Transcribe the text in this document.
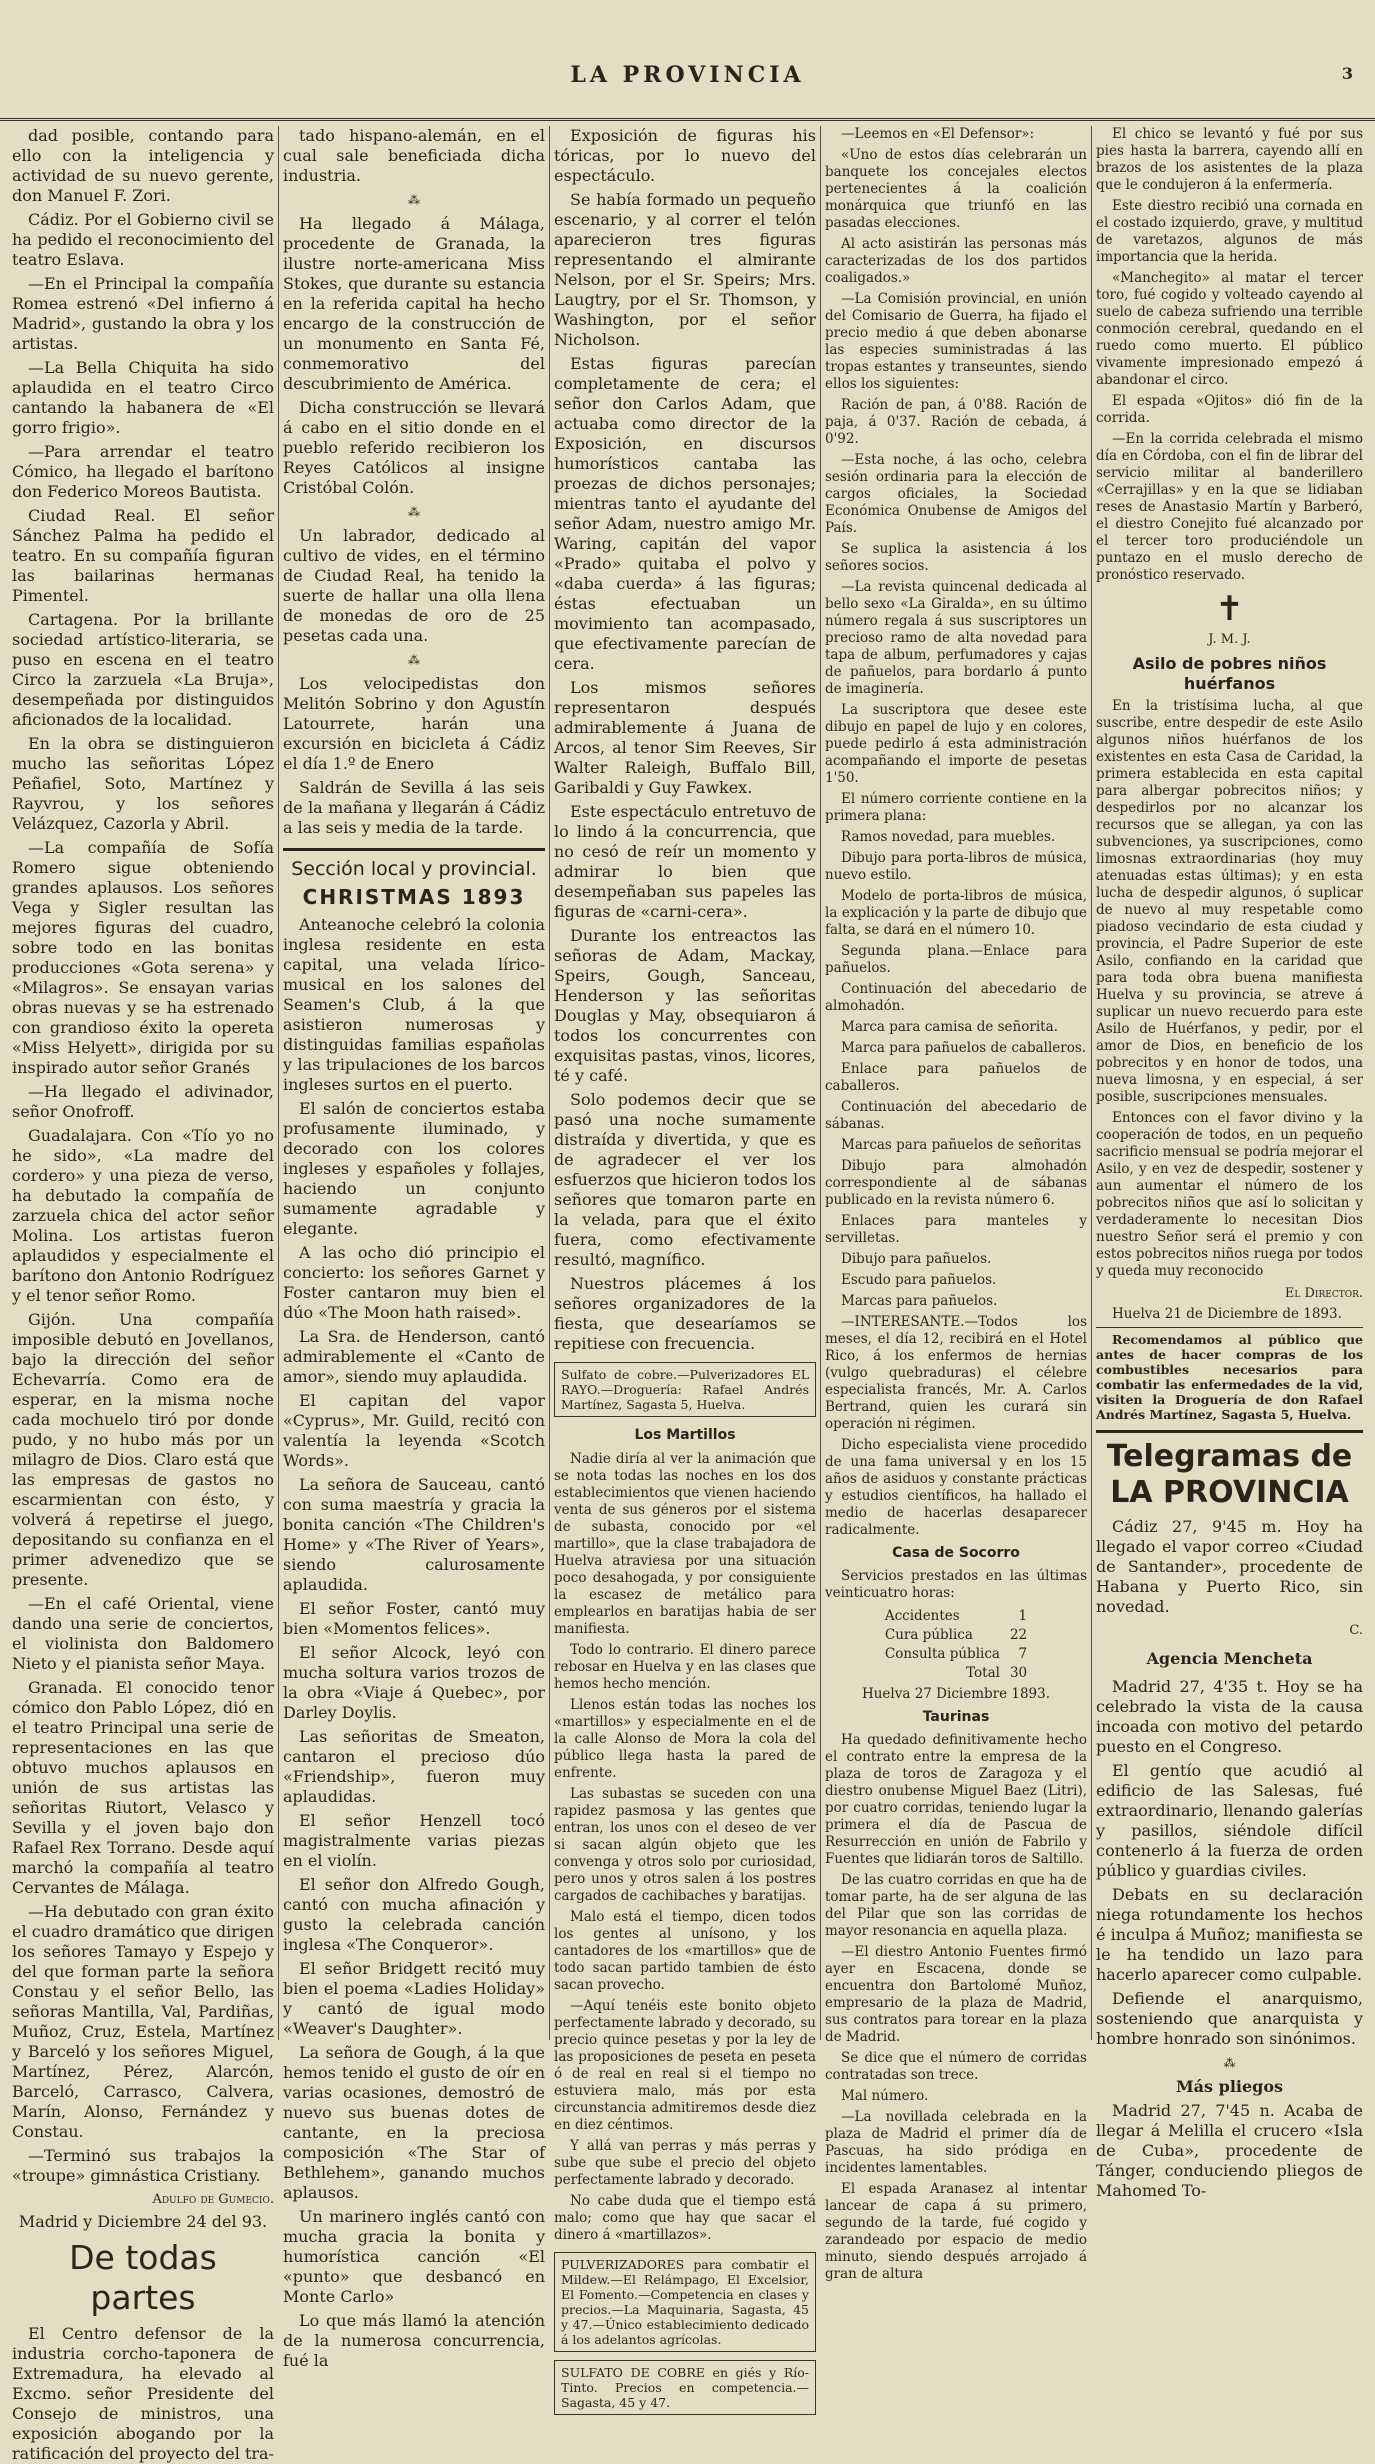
LA PROVINCIA	3

dad posible, contando para ello con la inteligencia y actividad de su nuevo gerente, don Manuel F. Zori.

Cádiz. Por el Gobierno civil se ha pedido el reconocimiento del teatro Eslava.

—En el Principal la compañía Romea estrenó «Del infierno á Madrid», gustando la obra y los artistas.

—La Bella Chiquita ha sido aplaudida en el teatro Circo cantando la habanera de «El gorro frigio».

—Para arrendar el teatro Cómico, ha llegado el barítono don Federico Moreos Bautista.

Ciudad Real. El señor Sánchez Palma ha pedido el teatro. En su compañía figuran las bailarinas hermanas Pimentel.

Cartagena. Por la brillante sociedad artístico-literaria, se puso en escena en el teatro Circo la zarzuela «La Bruja», desempeñada por distinguidos aficionados de la localidad.

En la obra se distinguieron mucho las señoritas López Peñafiel, Soto, Martínez y Rayvrou, y los señores Velázquez, Cazorla y Abril.

—La compañía de Sofía Romero sigue obteniendo grandes aplausos. Los señores Vega y Sigler resultan las mejores figuras del cuadro, sobre todo en las bonitas producciones «Gota serena» y «Milagros». Se ensayan varias obras nuevas y se ha estrenado con grandioso éxito la opereta «Miss Helyett», dirigida por su inspirado autor señor Granés

—Ha llegado el adivinador, señor Onofroff.

Guadalajara. Con «Tío yo no he sido», «La madre del cordero» y una pieza de verso, ha debutado la compañía de zarzuela chica del actor señor Molina. Los artistas fueron aplaudidos y especialmente el barítono don Antonio Rodríguez y el tenor señor Romo.

Gijón. Una compañía imposible debutó en Jovellanos, bajo la dirección del señor Echevarría. Como era de esperar, en la misma noche cada mochuelo tiró por donde pudo, y no hubo más por un milagro de Dios. Claro está que las empresas de gastos no escarmientan con ésto, y volverá á repetirse el juego, depositando su confianza en el primer advenedizo que se presente.

—En el café Oriental, viene dando una serie de conciertos, el violinista don Baldomero Nieto y el pianista señor Maya.

Granada. El conocido tenor cómico don Pablo López, dió en el teatro Principal una serie de representaciones en las que obtuvo muchos aplausos en unión de sus artistas las señoritas Riutort, Velasco y Sevilla y el joven bajo don Rafael Rex Torrano. Desde aquí marchó la compañía al teatro Cervantes de Málaga.

—Ha debutado con gran éxito el cuadro dramático que dirigen los señores Tamayo y Espejo y del que forman parte la señora Constau y el señor Bello, las señoras Mantilla, Val, Pardiñas, Muñoz, Cruz, Estela, Martínez y Barceló y los señores Miguel, Martínez, Pérez, Alarcón, Barceló, Carrasco, Calvera, Marín, Alonso, Fernández y Constau.

—Terminó sus trabajos la «troupe» gimnástica Cristiany.

Adulfo de Gumecio.
Madrid y Diciembre 24 del 93.
De todas partes

El Centro defensor de la industria corcho-taponera de Extremadura, ha elevado al Excmo. señor Presidente del Consejo de ministros, una exposición abogando por la ratificación del proyecto del tra-

tado hispano-alemán, en el cual sale beneficiada dicha industria.

⁂

Ha llegado á Málaga, procedente de Granada, la ilustre norte-americana Miss Stokes, que durante su estancia en la referida capital ha hecho encargo de la construcción de un monumento en Santa Fé, conmemorativo del descubrimiento de América.

Dicha construcción se llevará á cabo en el sitio donde en el pueblo referido recibieron los Reyes Católicos al insigne Cristóbal Colón.

⁂

Un labrador, dedicado al cultivo de vides, en el término de Ciudad Real, ha tenido la suerte de hallar una olla llena de monedas de oro de 25 pesetas cada una.

⁂

Los velocipedistas don Melitón Sobrino y don Agustín Latourrete, harán una excursión en bicicleta á Cádiz el día 1.º de Enero

Saldrán de Sevilla á las seis de la mañana y llegarán á Cádiz a las seis y media de la tarde.

Sección local y provincial.
CHRISTMAS 1893

Anteanoche celebró la colonia inglesa residente en esta capital, una velada lírico-musical en los salones del Seamen's Club, á la que asistieron numerosas y distinguidas familias españolas y las tripulaciones de los barcos ingleses surtos en el puerto.

El salón de conciertos estaba profusamente iluminado, y decorado con los colores ingleses y españoles y follajes, haciendo un conjunto sumamente agradable y elegante.

A las ocho dió principio el concierto: los señores Garnet y Foster cantaron muy bien el dúo «The Moon hath raised».

La Sra. de Henderson, cantó admirablemente el «Canto de amor», siendo muy aplaudida.

El capitan del vapor «Cyprus», Mr. Guild, recitó con valentía la leyenda «Scotch Words».

La señora de Sauceau, cantó con suma maestría y gracia la bonita canción «The Children's Home» y «The River of Years», siendo calurosamente aplaudida.

El señor Foster, cantó muy bien «Momentos felices».

El señor Alcock, leyó con mucha soltura varios trozos de la obra «Viaje á Quebec», por Darley Doylis.

Las señoritas de Smeaton, cantaron el precioso dúo «Friendship», fueron muy aplaudidas.

El señor Henzell tocó magistralmente varias piezas en el violín.

El señor don Alfredo Gough, cantó con mucha afinación y gusto la celebrada canción inglesa «The Conqueror».

El señor Bridgett recitó muy bien el poema «Ladies Holiday» y cantó de igual modo «Weaver's Daughter».

La señora de Gough, á la que hemos tenido el gusto de oír en varias ocasiones, demostró de nuevo sus buenas dotes de cantante, en la preciosa composición «The Star of Bethlehem», ganando muchos aplausos.

Un marinero inglés cantó con mucha gracia la bonita y humorística canción «El «punto» que desbancó en Monte Carlo»

Lo que más llamó la atención de la numerosa concurrencia, fué la

Exposición de figuras his tóricas, por lo nuevo del espectáculo.

Se había formado un pequeño escenario, y al correr el telón aparecieron tres figuras representando el almirante Nelson, por el Sr. Speirs; Mrs. Laugtry, por el Sr. Thomson, y Washington, por el señor Nicholson.

Estas figuras parecían completamente de cera; el señor don Carlos Adam, que actuaba como director de la Exposición, en discursos humorísticos cantaba las proezas de dichos personajes; mientras tanto el ayudante del señor Adam, nuestro amigo Mr. Waring, capitán del vapor «Prado» quitaba el polvo y «daba cuerda» á las figuras; éstas efectuaban un movimiento tan acompasado, que efectivamente parecían de cera.

Los mismos señores representaron después admirablemente á Juana de Arcos, al tenor Sim Reeves, Sir Walter Raleigh, Buffalo Bill, Garibaldi y Guy Fawkex.

Este espectáculo entretuvo de lo lindo á la concurrencia, que no cesó de reír un momento y admirar lo bien que desempeñaban sus papeles las figuras de «carni-cera».

Durante los entreactos las señoras de Adam, Mackay, Speirs, Gough, Sanceau, Henderson y las señoritas Douglas y May, obsequiaron á todos los concurrentes con exquisitas pastas, vinos, licores, té y café.

Solo podemos decir que se pasó una noche sumamente distraída y divertida, y que es de agradecer el ver los esfuerzos que hicieron todos los señores que tomaron parte en la velada, para que el éxito fuera, como efectivamente resultó, magnífico.

Nuestros plácemes á los señores organizadores de la fiesta, que desearíamos se repitiese con frecuencia.

Sulfato de cobre.—Pulverizadores EL RAYO.—Droguería: Rafael Andrés Martínez, Sagasta 5, Huelva.
Los Martillos

Nadie diría al ver la animación que se nota todas las noches en los dos establecimientos que vienen haciendo venta de sus géneros por el sistema de subasta, conocido por «el martillo», que la clase trabajadora de Huelva atraviesa por una situación poco desahogada, y por consiguiente la escasez de metálico para emplearlos en baratijas habia de ser manifiesta.

Todo lo contrario. El dinero parece rebosar en Huelva y en las clases que hemos hecho mención.

Llenos están todas las noches los «martillos» y especialmente en el de la calle Alonso de Mora la cola del público llega hasta la pared de enfrente.

Las subastas se suceden con una rapidez pasmosa y las gentes que entran, los unos con el deseo de ver si sacan algún objeto que les convenga y otros solo por curiosidad, pero unos y otros salen á los postres cargados de cachibaches y baratijas.

Malo está el tiempo, dicen todos los gentes al unísono, y los cantadores de los «martillos» que de todo sacan partido tambien de ésto sacan provecho.

—Aquí tenéis este bonito objeto perfectamente labrado y decorado, su precio quince pesetas y por la ley de las proposiciones de peseta en peseta ó de real en real si el tiempo no estuviera malo, más por esta circunstancia admitiremos desde diez en diez céntimos.

Y allá van perras y más perras y sube que sube el precio del objeto perfectamente labrado y decorado.

No cabe duda que el tiempo está malo; como que hay que sacar el dinero á «martillazos».

PULVERIZADORES para combatir el Mildew.—El Relámpago, El Excelsior, El Fomento.—Competencia en clases y precios.—La Maquinaria, Sagasta, 45 y 47.—Único establecimiento dedicado á los adelantos agrícolas.
SULFATO DE COBRE en giés y Río-Tinto. Precios en competencia.—Sagasta, 45 y 47.

—Leemos en «El Defensor»:

«Uno de estos días celebrarán un banquete los concejales electos pertenecientes á la coalición monárquica que triunfó en las pasadas elecciones.

Al acto asistirán las personas más caracterizadas de los dos partidos coaligados.»

—La Comisión provincial, en unión del Comisario de Guerra, ha fijado el precio medio á que deben abonarse las especies suministradas á las tropas estantes y transeuntes, siendo ellos los siguientes:

Ración de pan, á 0'88. Ración de paja, á 0'37. Ración de cebada, á 0'92.

—Esta noche, á las ocho, celebra sesión ordinaria para la elección de cargos oficiales, la Sociedad Económica Onubense de Amigos del País.

Se suplica la asistencia á los señores socios.

—La revista quincenal dedicada al bello sexo «La Giralda», en su último número regala á sus suscriptores un precioso ramo de alta novedad para tapa de album, perfumadores y cajas de pañuelos, para bordarlo á punto de imaginería.

La suscriptora que desee este dibujo en papel de lujo y en colores, puede pedirlo á esta administración acompañando el importe de pesetas 1'50.

El número corriente contiene en la primera plana:

Ramos novedad, para muebles.

Dibujo para porta-libros de música, nuevo estilo.

Modelo de porta-libros de música, la explicación y la parte de dibujo que falta, se dará en el número 10.

Segunda plana.—Enlace para pañuelos.

Continuación del abecedario de almohadón.

Marca para camisa de señorita.

Marca para pañuelos de caballeros.

Enlace para pañuelos de caballeros.

Continuación del abecedario de sábanas.

Marcas para pañuelos de señoritas

Dibujo para almohadón correspondiente al de sábanas publicado en la revista número 6.

Enlaces para manteles y servilletas.

Dibujo para pañuelos.

Escudo para pañuelos.

Marcas para pañuelos.

—INTERESANTE.—Todos los meses, el día 12, recibirá en el Hotel Rico, á los enfermos de hernias (vulgo quebraduras) el célebre especialista francés, Mr. A. Carlos Bertrand, quien les curará sin operación ni régimen.

Dicho especialista viene procedido de una fama universal y en los 15 años de asiduos y constante prácticas y estudios científicos, ha hallado el medio de hacerlas desaparecer radicalmente.

Casa de Socorro

Servicios prestados en las últimas veinticuatro horas:

Accidentes	1
Cura pública	22
Consulta pública	7
Total	30
Huelva 27 Diciembre 1893.
Taurinas

Ha quedado definitivamente hecho el contrato entre la empresa de la plaza de toros de Zaragoza y el diestro onubense Miguel Baez (Litri), por cuatro corridas, teniendo lugar la primera el día de Pascua de Resurrección en unión de Fabrilo y Fuentes que lidiarán toros de Saltillo.

De las cuatro corridas en que ha de tomar parte, ha de ser alguna de las del Pilar que son las corridas de mayor resonancia en aquella plaza.

—El diestro Antonio Fuentes firmó ayer en Escacena, donde se encuentra don Bartolomé Muñoz, empresario de la plaza de Madrid, sus contratos para torear en la plaza de Madrid.

Se dice que el número de corridas contratadas son trece.

Mal número.

—La novillada celebrada en la plaza de Madrid el primer día de Pascuas, ha sido pródiga en incidentes lamentables.

El espada Aranasez al intentar lancear de capa á su primero, segundo de la tarde, fué cogido y zarandeado por espacio de medio minuto, siendo después arrojado á gran de altura

El chico se levantó y fué por sus pies hasta la barrera, cayendo allí en brazos de los asistentes de la plaza que le condujeron á la enfermería.

Este diestro recibió una cornada en el costado izquierdo, grave, y multitud de varetazos, algunos de más importancia que la herida.

«Manchegito» al matar el tercer toro, fué cogido y volteado cayendo al suelo de cabeza sufriendo una terrible conmoción cerebral, quedando en el ruedo como muerto. El público vivamente impresionado empezó á abandonar el circo.

El espada «Ojitos» dió fin de la corrida.

—En la corrida celebrada el mismo día en Córdoba, con el fin de librar del servicio militar al banderillero «Cerrajillas» y en la que se lidiaban reses de Anastasio Martín y Barberó, el diestro Conejito fué alcanzado por el tercer toro produciéndole un puntazo en el muslo derecho de pronóstico reservado.

✝
J. M. J.
Asilo de pobres niños huérfanos

En la tristísima lucha, al que suscribe, entre despedir de este Asilo algunos niños huérfanos de los existentes en esta Casa de Caridad, la primera establecida en esta capital para albergar pobrecitos niños; y despedirlos por no alcanzar los recursos que se allegan, ya con las subvenciones, ya suscripciones, como limosnas extraordinarias (hoy muy atenuadas estas últimas); y en esta lucha de despedir algunos, ó suplicar de nuevo al muy respetable como piadoso vecindario de esta ciudad y provincia, el Padre Superior de este Asilo, confiando en la caridad que para toda obra buena manifiesta Huelva y su provincia, se atreve á suplicar un nuevo recuerdo para este Asilo de Huérfanos, y pedir, por el amor de Dios, en beneficio de los pobrecitos y en honor de todos, una nueva limosna, y en especial, á ser posible, suscripciones mensuales.

Entonces con el favor divino y la cooperación de todos, en un pequeño sacrificio mensual se podría mejorar el Asilo, y en vez de despedir, sostener y aun aumentar el número de los pobrecitos niños que así lo solicitan y verdaderamente lo necesitan Dios nuestro Señor será el premio y con estos pobrecitos niños ruega por todos y queda muy reconocido

El Director.
Huelva 21 de Diciembre de 1893.

Recomendamos al público que antes de hacer compras de los combustibles necesarios para combatir las enfermedades de la vid, visiten la Droguería de don Rafael Andrés Martínez, Sagasta 5, Huelva.

Telegramas de LA PROVINCIA

Cádiz 27, 9'45 m. Hoy ha llegado el vapor correo «Ciudad de Santander», procedente de Habana y Puerto Rico, sin novedad.

C.
Agencia Mencheta

Madrid 27, 4'35 t. Hoy se ha celebrado la vista de la causa incoada con motivo del petardo puesto en el Congreso.

El gentío que acudió al edificio de las Salesas, fué extraordinario, llenando galerías y pasillos, siéndole difícil contenerlo á la fuerza de orden público y guardias civiles.

Debats en su declaración niega rotundamente los hechos é inculpa á Muñoz; manifiesta se le ha tendido un lazo para hacerlo aparecer como culpable.

Defiende el anarquismo, sosteniendo que anarquista y hombre honrado son sinónimos.

⁂
Más pliegos

Madrid 27, 7'45 n. Acaba de llegar á Melilla el crucero «Isla de Cuba», procedente de Tánger, conduciendo pliegos de Mahomed To-
